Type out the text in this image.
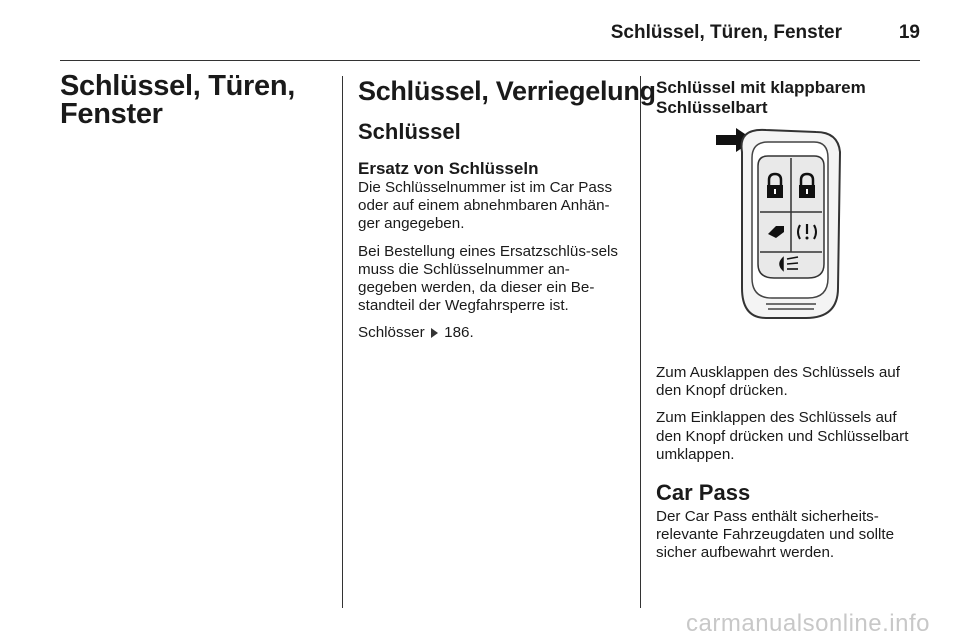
Schlüssel, Türen, Fenster	19
Schlüssel, Türen,
Fenster
Schlüssel, Verriegelung
Schlüssel
Ersatz von Schlüsseln

Die Schlüsselnummer ist im Car Pass oder auf einem abnehmbaren Anhän-ger angegeben.

Bei Bestellung eines Ersatzschlüs-sels muss die Schlüsselnummer an-gegeben werden, da dieser ein Be-standteil der Wegfahrsperre ist.

Schlösser 186.

Schlüssel mit klappbarem
Schlüsselbart

Zum Ausklappen des Schlüssels auf den Knopf drücken.

Zum Einklappen des Schlüssels auf den Knopf drücken und Schlüsselbart umklappen.

Car Pass

Der Car Pass enthält sicherheits-relevante Fahrzeugdaten und sollte sicher aufbewahrt werden.

carmanualsonline.info
